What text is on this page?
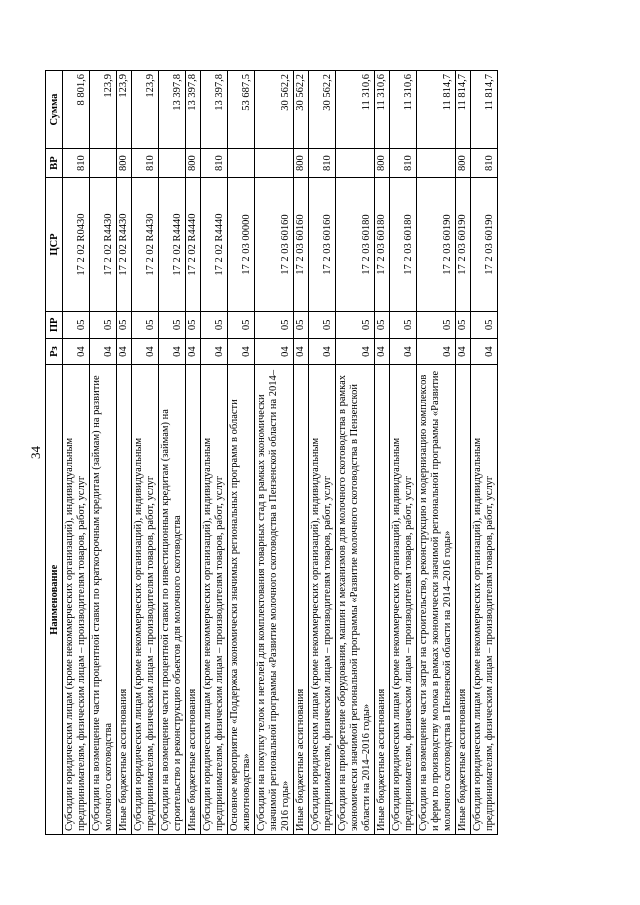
34
Наименование	Рз	ПР	ЦСР	ВР	Сумма
Субсидии юридическим лицам (кроме некоммерческих организаций), индивидуальным предпринимателям, физическим лицам – производителям товаров, работ, услуг	04	05	17 2 02 R0430	810	8 801,6
Субсидии на возмещение части процентной ставки по краткосрочным кредитам (займам) на развитие молочного скотоводства	04	05	17 2 02 R4430		123,9
Иные бюджетные ассигнования	04	05	17 2 02 R4430	800	123,9
Субсидии юридическим лицам (кроме некоммерческих организаций), индивидуальным предпринимателям, физическим лицам – производителям товаров, работ, услуг	04	05	17 2 02 R4430	810	123,9
Субсидии на возмещение части процентной ставки по инвестиционным кредитам (займам) на строительство и реконструкцию объектов для молочного скотоводства	04	05	17 2 02 R4440		13 397,8
Иные бюджетные ассигнования	04	05	17 2 02 R4440	800	13 397,8
Субсидии юридическим лицам (кроме некоммерческих организаций), индивидуальным предпринимателям, физическим лицам – производителям товаров, работ, услуг	04	05	17 2 02 R4440	810	13 397,8
Основное мероприятие «Поддержка экономически значимых региональных программ в области животноводства»	04	05	17 2 03 00000		53 687,5
Субсидии на покупку телок и нетелей для комплектования товарных стад в рамках экономически значимой региональной программы «Развитие молочного скотоводства в Пензенской области на 2014–2016 годы»	04	05	17 2 03 60160		30 562,2
Иные бюджетные ассигнования	04	05	17 2 03 60160	800	30 562,2
Субсидии юридическим лицам (кроме некоммерческих организаций), индивидуальным предпринимателям, физическим лицам – производителям товаров, работ, услуг	04	05	17 2 03 60160	810	30 562,2
Субсидии на приобретение оборудования, машин и механизмов для молочного скотоводства в рамках экономически значимой региональной программы «Развитие молочного скотоводства в Пензенской области на 2014–2016 годы»	04	05	17 2 03 60180		11 310,6
Иные бюджетные ассигнования	04	05	17 2 03 60180	800	11 310,6
Субсидии юридическим лицам (кроме некоммерческих организаций), индивидуальным предпринимателям, физическим лицам – производителям товаров, работ, услуг	04	05	17 2 03 60180	810	11 310,6
Субсидии на возмещение части затрат на строительство, реконструкцию и модернизацию комплексов и ферм по производству молока в рамках экономически значимой региональной программы «Развитие молочного скотоводства в Пензенской области на 2014–2016 годы»	04	05	17 2 03 60190		11 814,7
Иные бюджетные ассигнования	04	05	17 2 03 60190	800	11 814,7
Субсидии юридическим лицам (кроме некоммерческих организаций), индивидуальным предпринимателям, физическим лицам – производителям товаров, работ, услуг	04	05	17 2 03 60190	810	11 814,7
